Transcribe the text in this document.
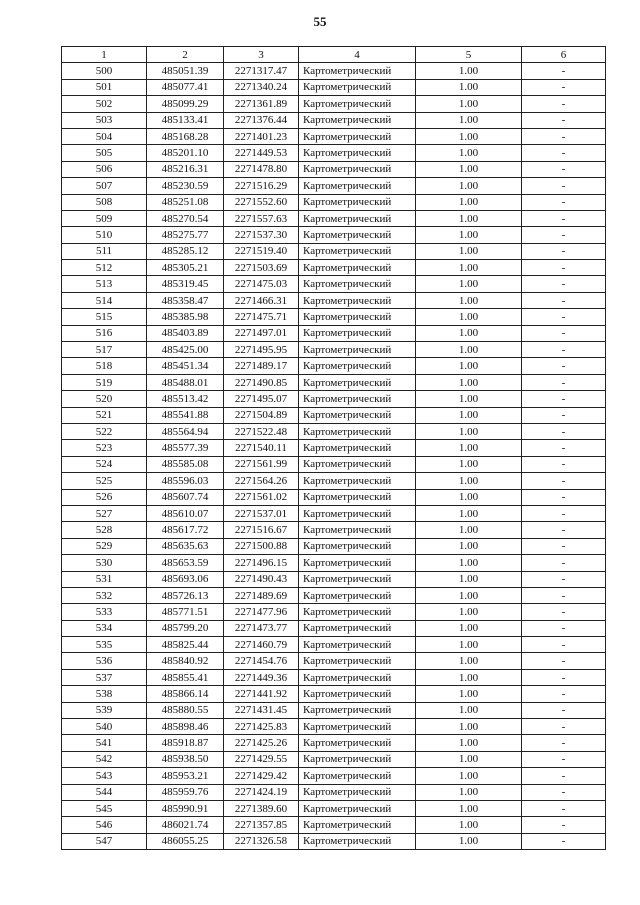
55
1	2	3	4	5	6
500	485051.39	2271317.47	Картометрический	1.00	-
501	485077.41	2271340.24	Картометрический	1.00	-
502	485099.29	2271361.89	Картометрический	1.00	-
503	485133.41	2271376.44	Картометрический	1.00	-
504	485168.28	2271401.23	Картометрический	1.00	-
505	485201.10	2271449.53	Картометрический	1.00	-
506	485216.31	2271478.80	Картометрический	1.00	-
507	485230.59	2271516.29	Картометрический	1.00	-
508	485251.08	2271552.60	Картометрический	1.00	-
509	485270.54	2271557.63	Картометрический	1.00	-
510	485275.77	2271537.30	Картометрический	1.00	-
511	485285.12	2271519.40	Картометрический	1.00	-
512	485305.21	2271503.69	Картометрический	1.00	-
513	485319.45	2271475.03	Картометрический	1.00	-
514	485358.47	2271466.31	Картометрический	1.00	-
515	485385.98	2271475.71	Картометрический	1.00	-
516	485403.89	2271497.01	Картометрический	1.00	-
517	485425.00	2271495.95	Картометрический	1.00	-
518	485451.34	2271489.17	Картометрический	1.00	-
519	485488.01	2271490.85	Картометрический	1.00	-
520	485513.42	2271495.07	Картометрический	1.00	-
521	485541.88	2271504.89	Картометрический	1.00	-
522	485564.94	2271522.48	Картометрический	1.00	-
523	485577.39	2271540.11	Картометрический	1.00	-
524	485585.08	2271561.99	Картометрический	1.00	-
525	485596.03	2271564.26	Картометрический	1.00	-
526	485607.74	2271561.02	Картометрический	1.00	-
527	485610.07	2271537.01	Картометрический	1.00	-
528	485617.72	2271516.67	Картометрический	1.00	-
529	485635.63	2271500.88	Картометрический	1.00	-
530	485653.59	2271496.15	Картометрический	1.00	-
531	485693.06	2271490.43	Картометрический	1.00	-
532	485726.13	2271489.69	Картометрический	1.00	-
533	485771.51	2271477.96	Картометрический	1.00	-
534	485799.20	2271473.77	Картометрический	1.00	-
535	485825.44	2271460.79	Картометрический	1.00	-
536	485840.92	2271454.76	Картометрический	1.00	-
537	485855.41	2271449.36	Картометрический	1.00	-
538	485866.14	2271441.92	Картометрический	1.00	-
539	485880.55	2271431.45	Картометрический	1.00	-
540	485898.46	2271425.83	Картометрический	1.00	-
541	485918.87	2271425.26	Картометрический	1.00	-
542	485938.50	2271429.55	Картометрический	1.00	-
543	485953.21	2271429.42	Картометрический	1.00	-
544	485959.76	2271424.19	Картометрический	1.00	-
545	485990.91	2271389.60	Картометрический	1.00	-
546	486021.74	2271357.85	Картометрический	1.00	-
547	486055.25	2271326.58	Картометрический	1.00	-
